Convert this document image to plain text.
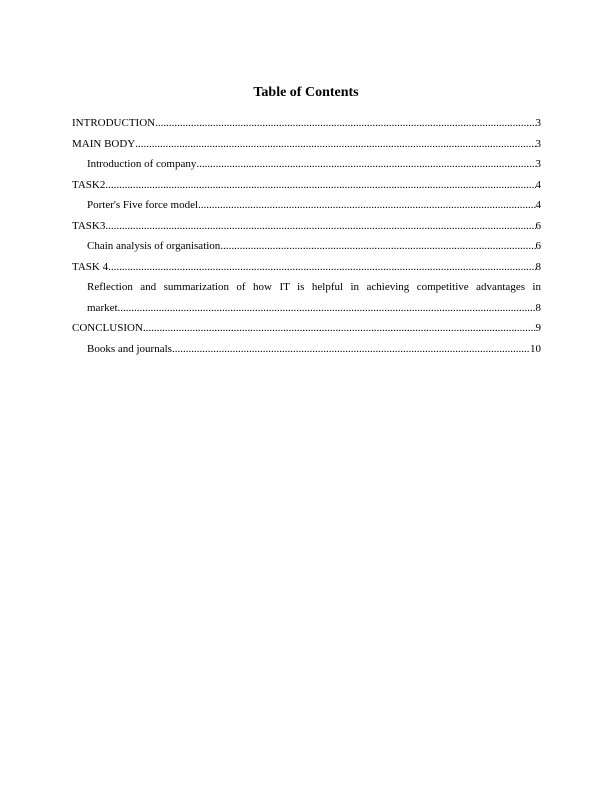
Table of Contents
INTRODUCTION .....	3
MAIN BODY .....	3
Introduction of company .....	3
TASK2 .....	4
Porter's Five force model .....	4
TASK3 .....	6
Chain analysis of organisation .....	6
TASK 4 .....	8
Reflection and summarization of how IT is helpful in achieving competitive advantages in
market .....	8
CONCLUSION .....	9
Books and journals .....	10
